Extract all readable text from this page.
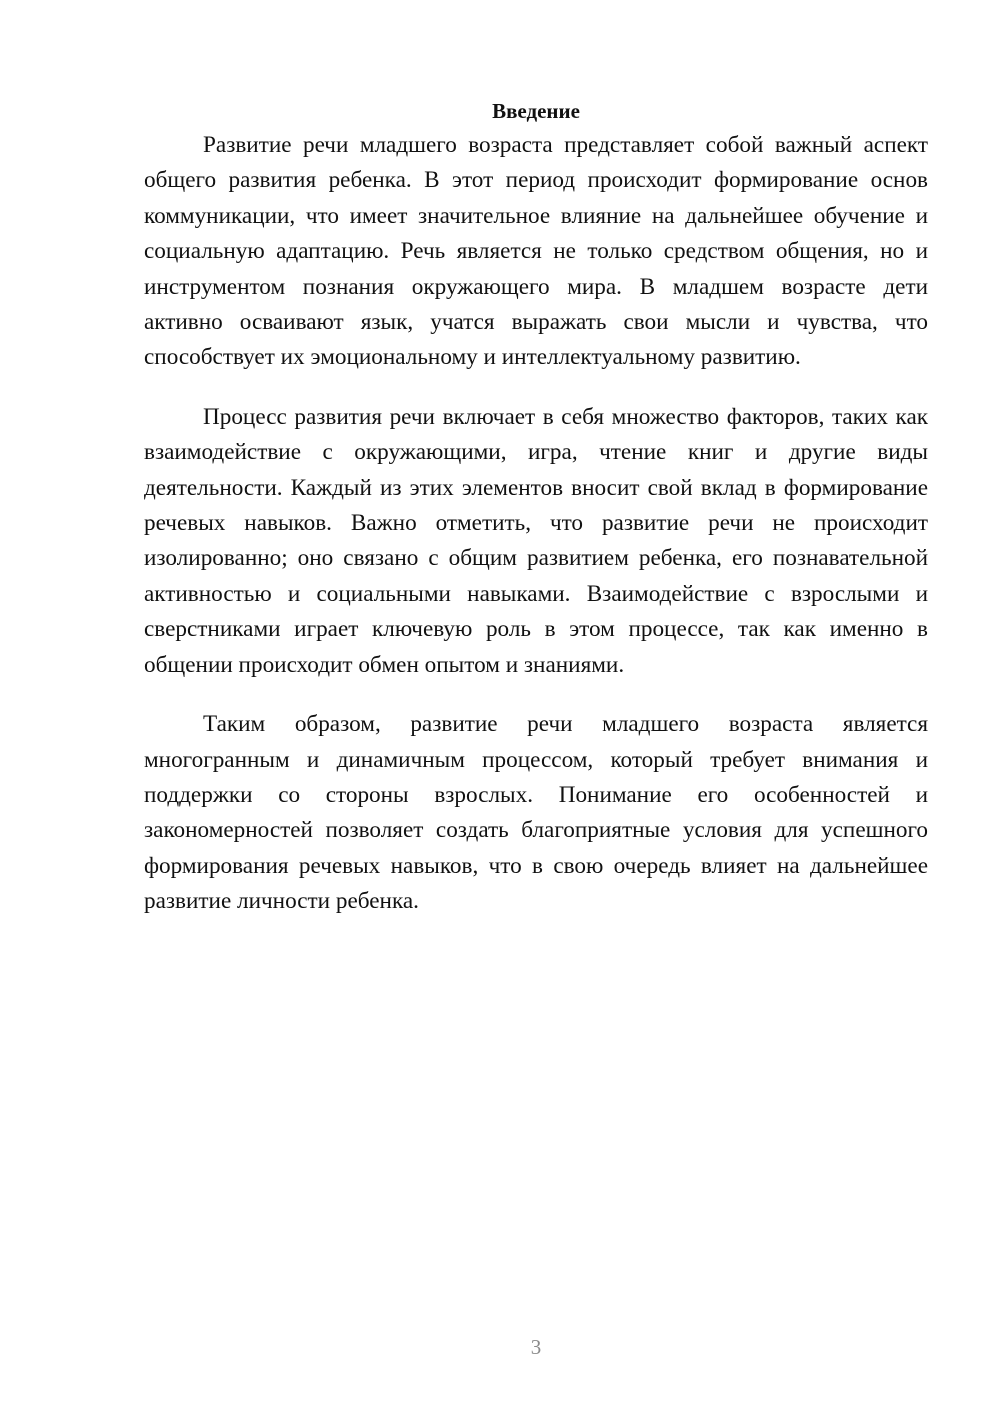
Введение

Развитие речи младшего возраста представляет собой важный аспект общего развития ребенка. В этот период происходит формирование основ коммуникации, что имеет значительное влияние на дальнейшее обучение и социальную адаптацию. Речь является не только средством общения, но и инструментом познания окружающего мира. В младшем возрасте дети активно осваивают язык, учатся выражать свои мысли и чувства, что способствует их эмоциональному и интеллектуальному развитию.

Процесс развития речи включает в себя множество факторов, таких как взаимодействие с окружающими, игра, чтение книг и другие виды деятельности. Каждый из этих элементов вносит свой вклад в формирование речевых навыков. Важно отметить, что развитие речи не происходит изолированно; оно связано с общим развитием ребенка, его познавательной активностью и социальными навыками. Взаимодействие с взрослыми и сверстниками играет ключевую роль в этом процессе, так как именно в общении происходит обмен опытом и знаниями.

Таким образом, развитие речи младшего возраста является многогранным и динамичным процессом, который требует внимания и поддержки со стороны взрослых. Понимание его особенностей и закономерностей позволяет создать благоприятные условия для успешного формирования речевых навыков, что в свою очередь влияет на дальнейшее развитие личности ребенка.

3
